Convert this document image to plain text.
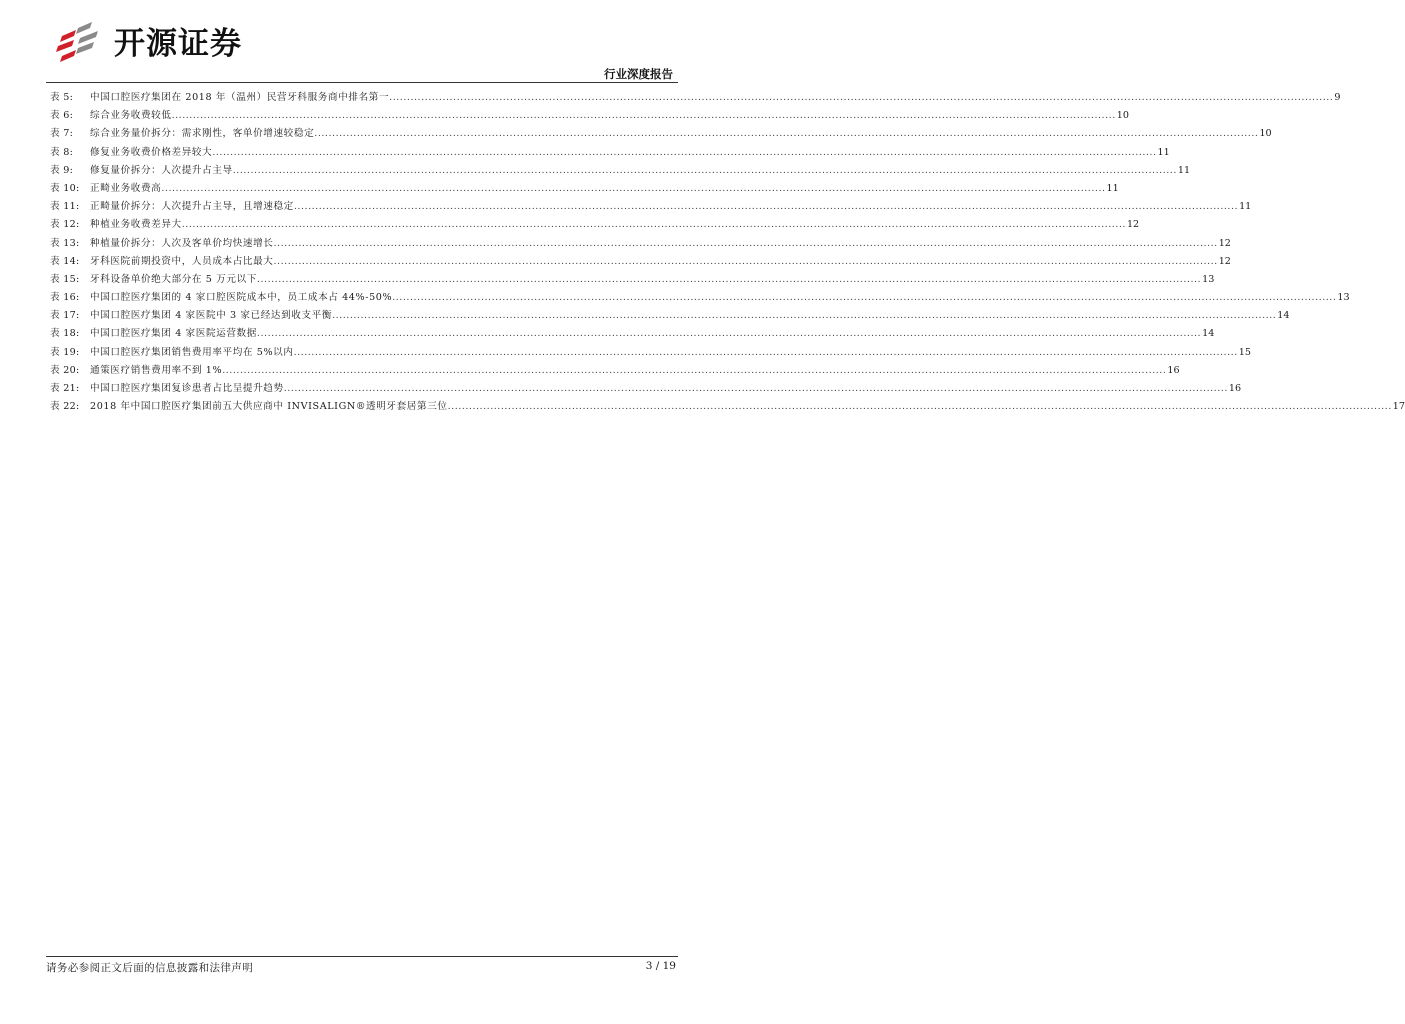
开源证券
行业深度报告
表 5:	中国口腔医疗集团在 2018 年（温州）民营牙科服务商中排名第一 .....	9
表 6:	综合业务收费较低 .....	10
表 7:	综合业务量价拆分：需求刚性，客单价增速较稳定 .....	10
表 8:	修复业务收费价格差异较大 .....	11
表 9:	修复量价拆分：人次提升占主导 .....	11
表 10:	正畸业务收费高 .....	11
表 11:	正畸量价拆分：人次提升占主导，且增速稳定 .....	11
表 12:	种植业务收费差异大 .....	12
表 13:	种植量价拆分：人次及客单价均快速增长 .....	12
表 14:	牙科医院前期投资中，人员成本占比最大 .....	12
表 15:	牙科设备单价绝大部分在 5 万元以下 .....	13
表 16:	中国口腔医疗集团的 4 家口腔医院成本中，员工成本占 44%-50% .....	13
表 17:	中国口腔医疗集团 4 家医院中 3 家已经达到收支平衡 .....	14
表 18:	中国口腔医疗集团 4 家医院运营数据 .....	14
表 19:	中国口腔医疗集团销售费用率平均在 5%以内 .....	15
表 20:	通策医疗销售费用率不到 1% .....	16
表 21:	中国口腔医疗集团复诊患者占比呈提升趋势 .....	16
表 22:	2018 年中国口腔医疗集团前五大供应商中 INVISALIGN®透明牙套居第三位 .....	17
请务必参阅正文后面的信息披露和法律声明	3 / 19
